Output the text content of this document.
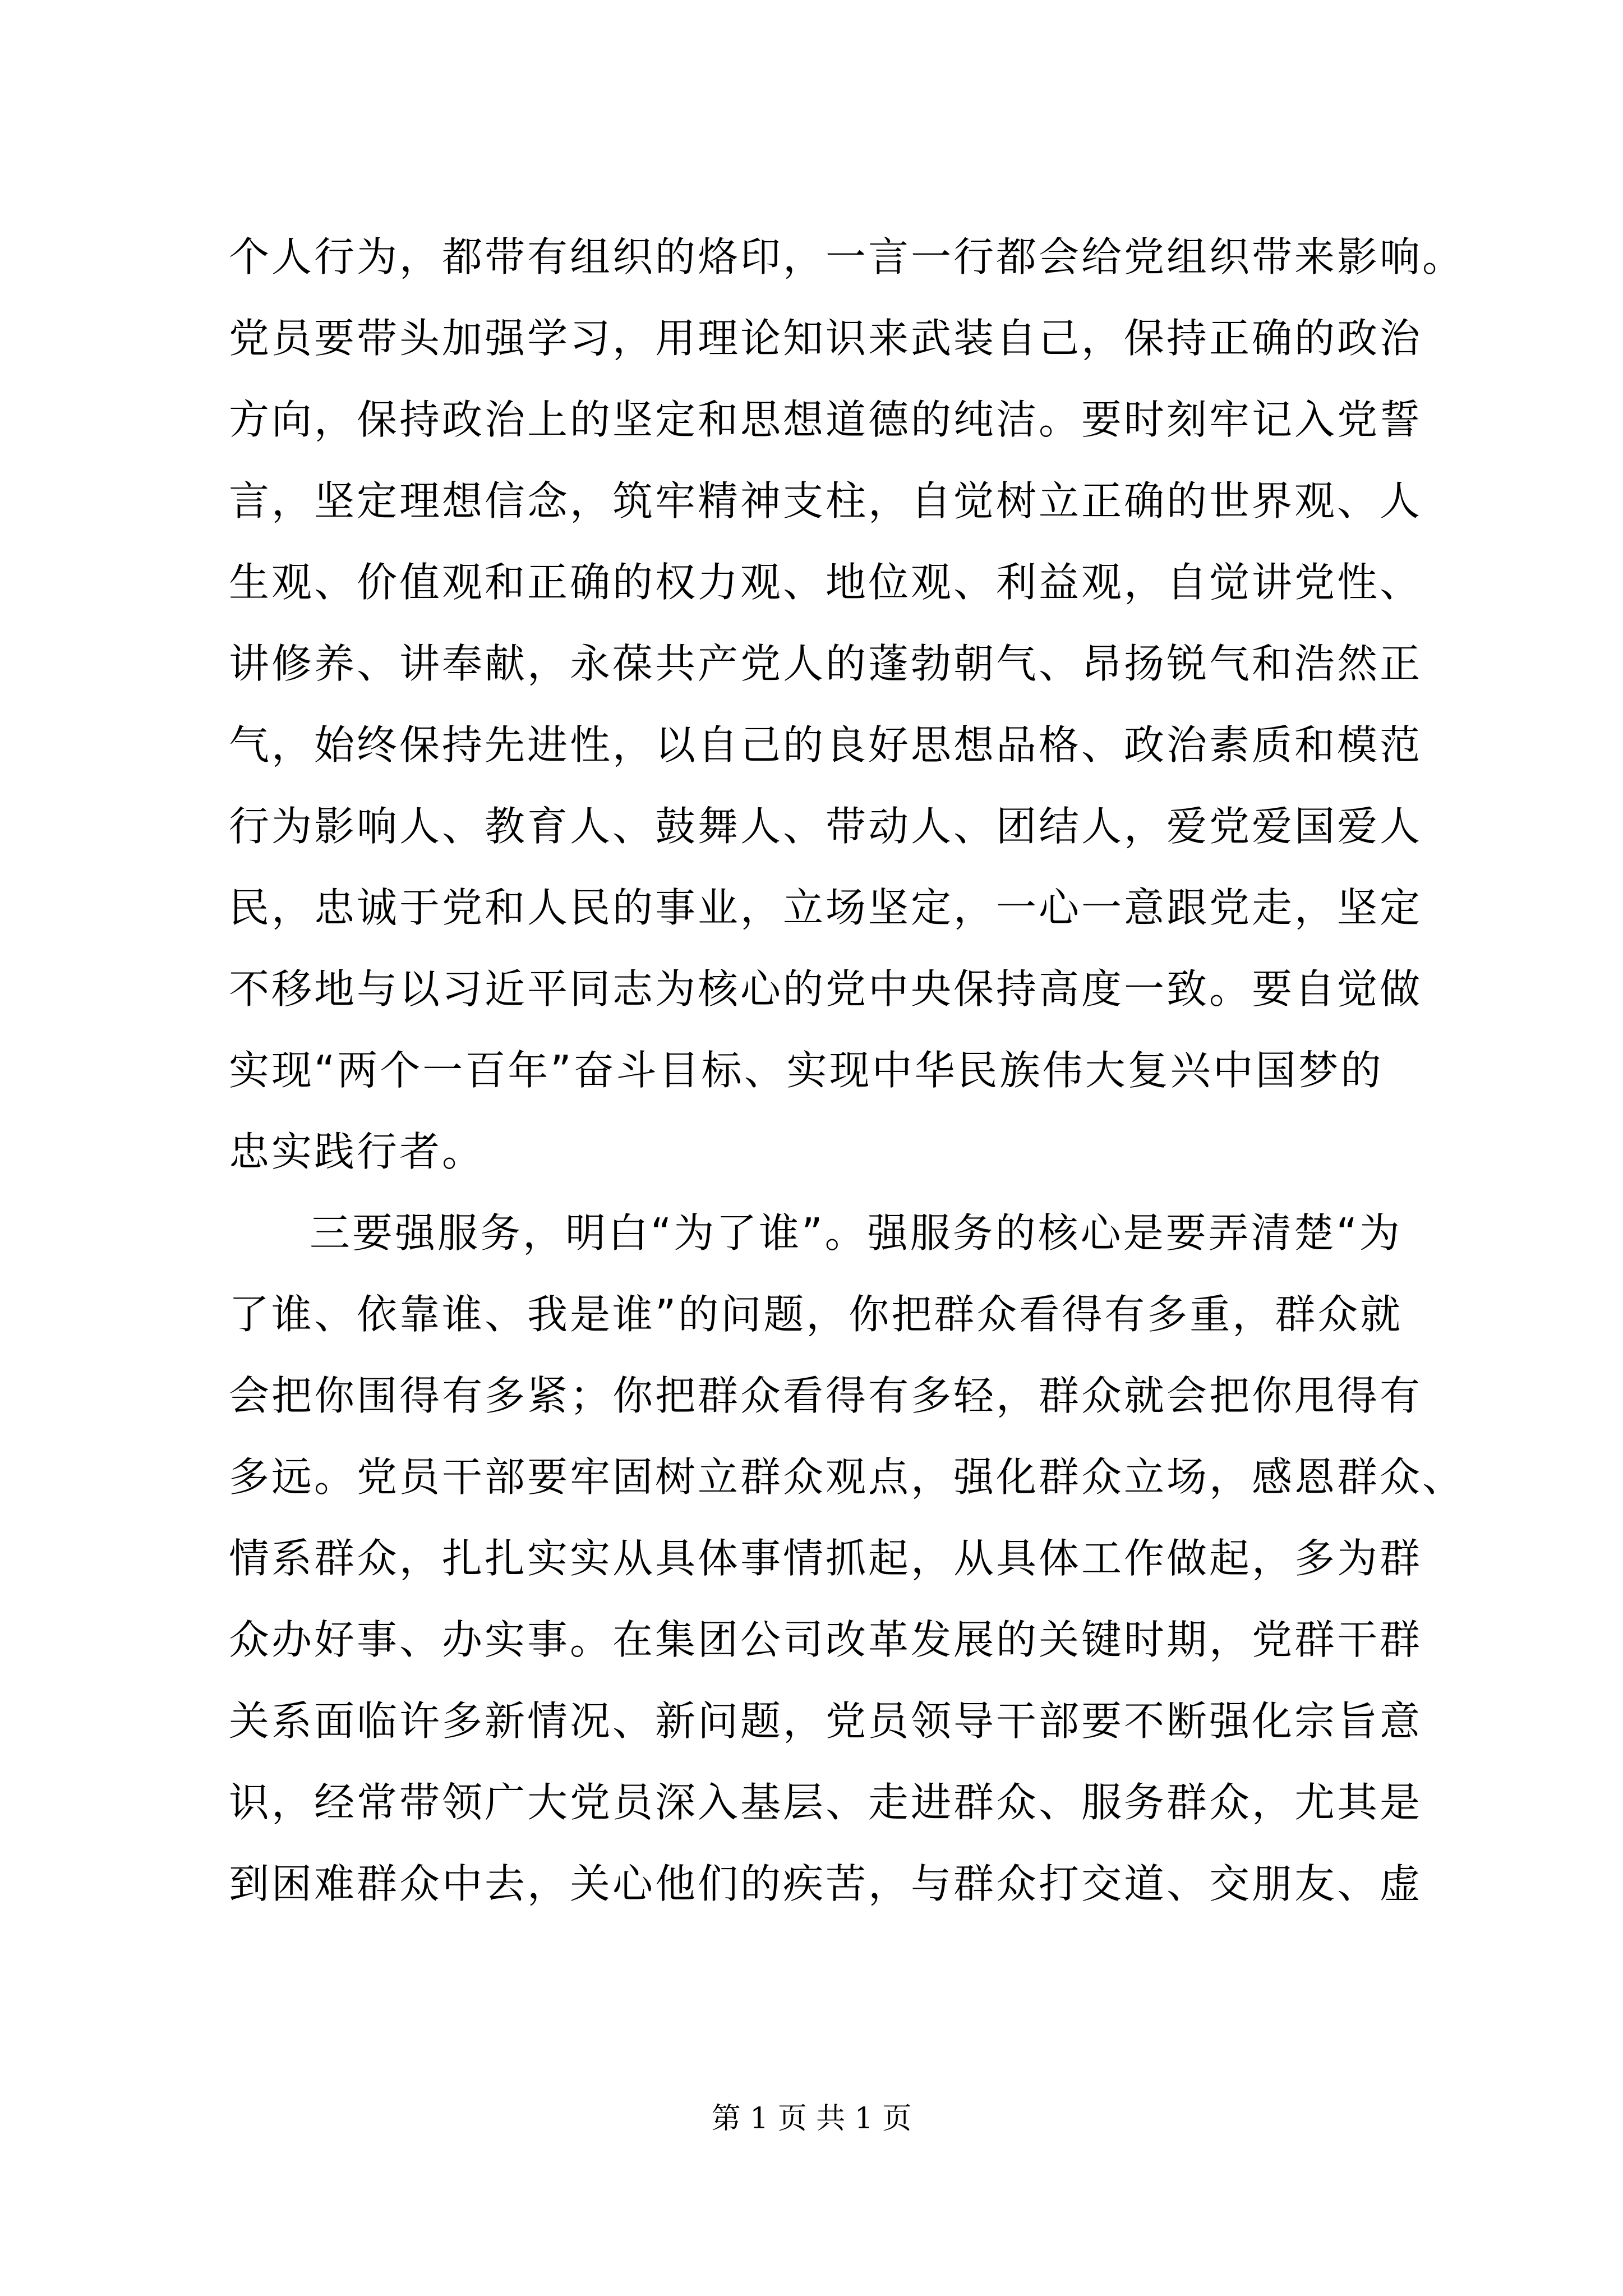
个人行为，都带有组织的烙印，一言一行都会给党组织带来影响。
党员要带头加强学习，用理论知识来武装自己，保持正确的政治
方向，保持政治上的坚定和思想道德的纯洁。要时刻牢记入党誓
言，坚定理想信念，筑牢精神支柱，自觉树立正确的世界观、人
生观、价值观和正确的权力观、地位观、利益观，自觉讲党性、
讲修养、讲奉献，永葆共产党人的蓬勃朝气、昂扬锐气和浩然正
气，始终保持先进性，以自己的良好思想品格、政治素质和模范
行为影响人、教育人、鼓舞人、带动人、团结人，爱党爱国爱人
民，忠诚于党和人民的事业，立场坚定，一心一意跟党走，坚定
不移地与以习近平同志为核心的党中央保持高度一致。要自觉做
实现“两个一百年”奋斗目标、实现中华民族伟大复兴中国梦的
忠实践行者。
三要强服务，明白“为了谁”。强服务的核心是要弄清楚“为
了谁、依靠谁、我是谁”的问题，你把群众看得有多重，群众就
会把你围得有多紧；你把群众看得有多轻，群众就会把你甩得有
多远。党员干部要牢固树立群众观点，强化群众立场，感恩群众、
情系群众，扎扎实实从具体事情抓起，从具体工作做起，多为群
众办好事、办实事。在集团公司改革发展的关键时期，党群干群
关系面临许多新情况、新问题，党员领导干部要不断强化宗旨意
识，经常带领广大党员深入基层、走进群众、服务群众，尤其是
到困难群众中去，关心他们的疾苦，与群众打交道、交朋友、虚
第 1 页 共 1 页
